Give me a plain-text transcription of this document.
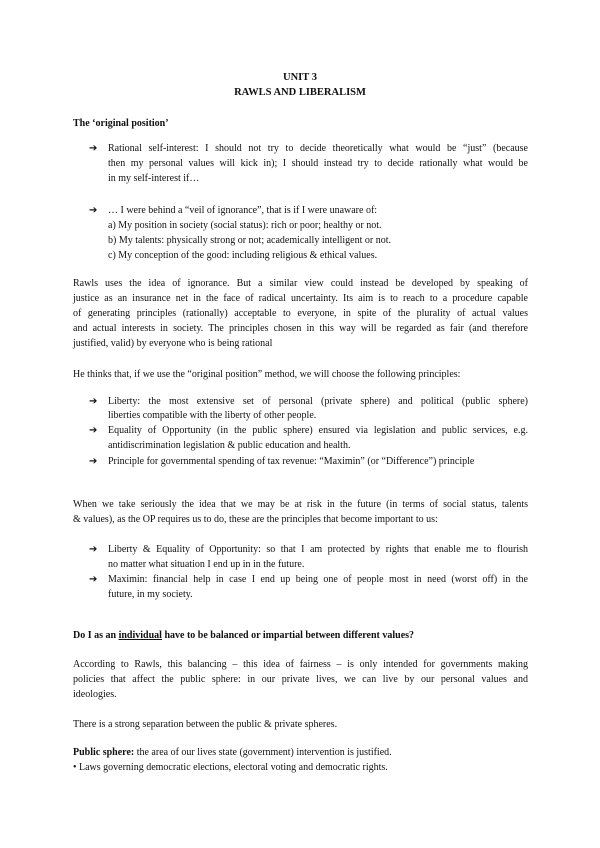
UNIT 3
RAWLS AND LIBERALISM
The ‘original position’
➔ Rational self-interest: I should not try to decide theoretically what would be “just” (because
then my personal values will kick in); I should instead try to decide rationally what would be
in my self-interest if…
➔ … I were behind a “veil of ignorance”, that is if I were unaware of:
a) My position in society (social status): rich or poor; healthy or not.
b) My talents: physically strong or not; academically intelligent or not.
c) My conception of the good: including religious & ethical values.
Rawls uses the idea of ignorance. But a similar view could instead be developed by speaking of
justice as an insurance net in the face of radical uncertainty. Its aim is to reach to a procedure capable
of generating principles (rationally) acceptable to everyone, in spite of the plurality of actual values
and actual interests in society. The principles chosen in this way will be regarded as fair (and therefore
justified, valid) by everyone who is being rational
He thinks that, if we use the “original position” method, we will choose the following principles:
➔ Liberty: the most extensive set of personal (private sphere) and political (public sphere)
liberties compatible with the liberty of other people.
➔ Equality of Opportunity (in the public sphere) ensured via legislation and public services, e.g.
antidiscrimination legislation & public education and health.
➔ Principle for governmental spending of tax revenue: “Maximin” (or “Difference”) principle
When we take seriously the idea that we may be at risk in the future (in terms of social status, talents
& values), as the OP requires us to do, these are the principles that become important to us:
➔ Liberty & Equality of Opportunity: so that I am protected by rights that enable me to flourish
no matter what situation I end up in in the future.
➔ Maximin: financial help in case I end up being one of people most in need (worst off) in the
future, in my society.
Do I as an individual have to be balanced or impartial between different values?
According to Rawls, this balancing – this idea of fairness – is only intended for governments making
policies that affect the public sphere: in our private lives, we can live by our personal values and
ideologies.
There is a strong separation between the public & private spheres.
Public sphere: the area of our lives state (government) intervention is justified.
• Laws governing democratic elections, electoral voting and democratic rights.
